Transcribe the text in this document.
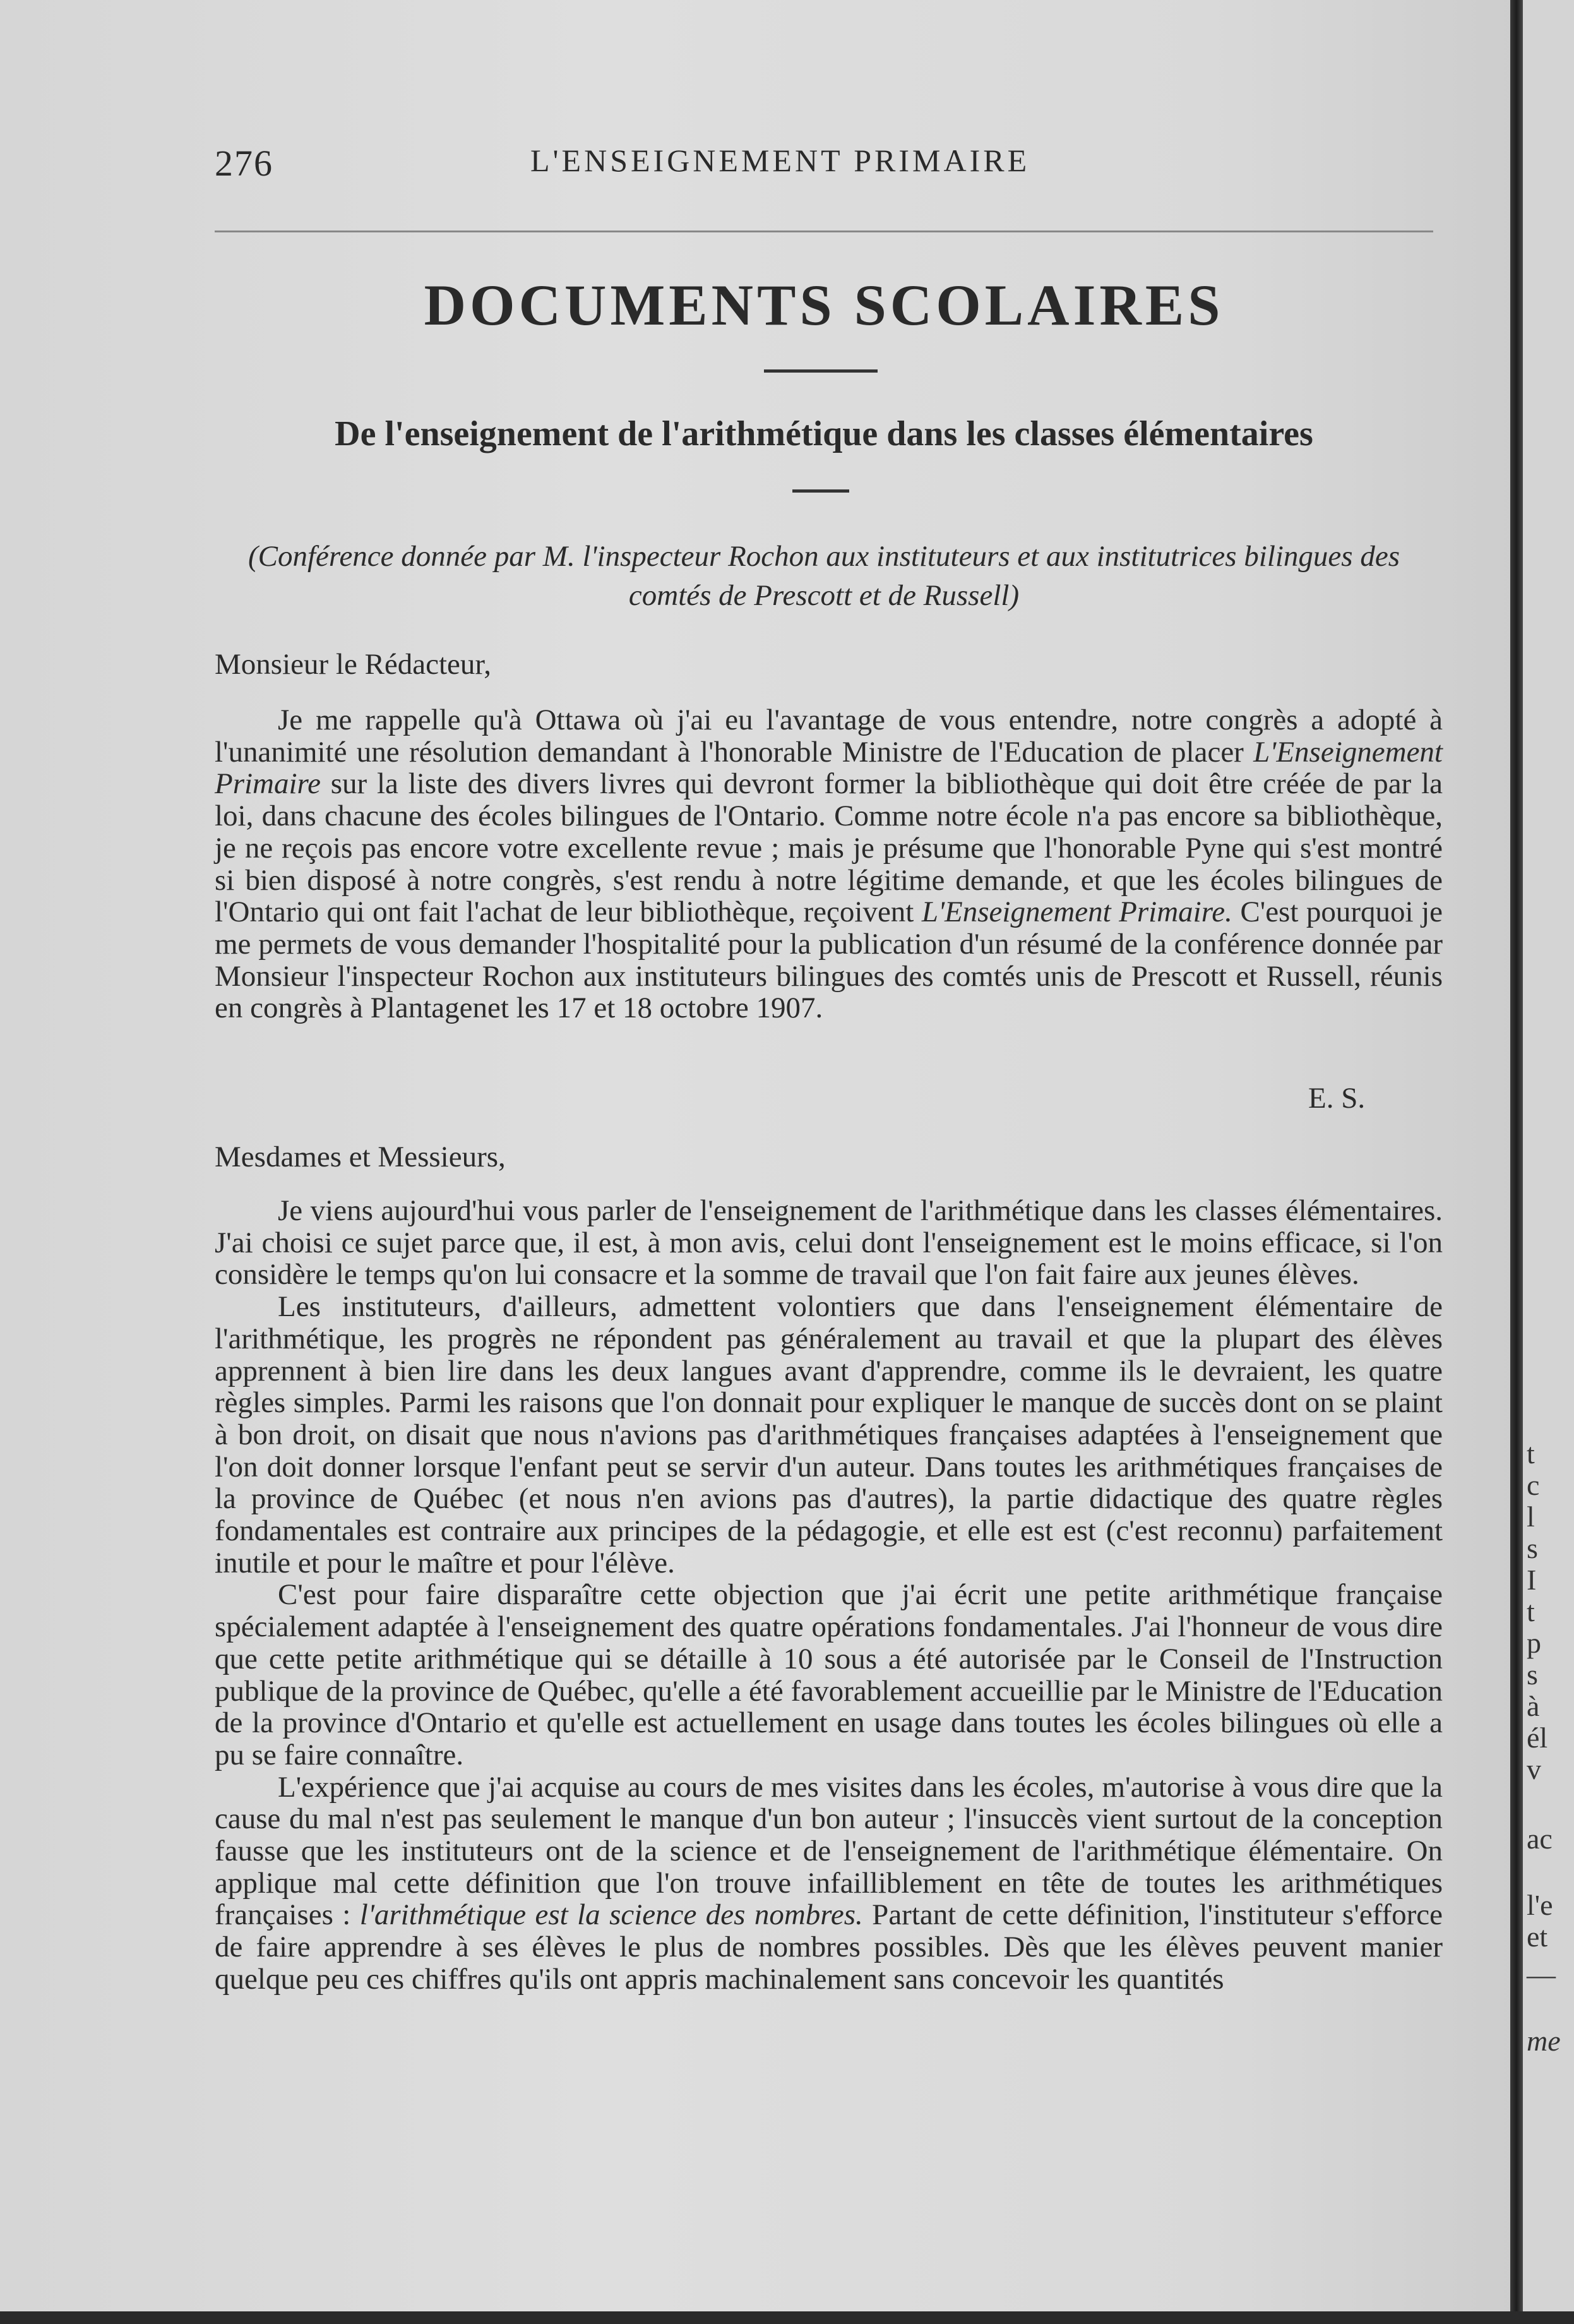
276	L'ENSEIGNEMENT PRIMAIRE
DOCUMENTS SCOLAIRES
De l'enseignement de l'arithmétique dans les classes élémentaires
(Conférence donnée par M. l'inspecteur Rochon aux instituteurs et aux institutrices bilingues des comtés de Prescott et de Russell)
Monsieur le Rédacteur,

Je me rappelle qu'à Ottawa où j'ai eu l'avantage de vous entendre, notre congrès a adopté à l'unanimité une résolution demandant à l'honorable Ministre de l'Education de placer L'Enseignement Primaire sur la liste des divers livres qui devront former la bibliothèque qui doit être créée de par la loi, dans chacune des écoles bilingues de l'Ontario. Comme notre école n'a pas encore sa bibliothèque, je ne reçois pas encore votre excellente revue ; mais je présume que l'honorable Pyne qui s'est montré si bien disposé à notre congrès, s'est rendu à notre légitime demande, et que les écoles bilingues de l'Ontario qui ont fait l'achat de leur bibliothèque, reçoivent L'Enseignement Primaire. C'est pourquoi je me permets de vous demander l'hospitalité pour la publication d'un résumé de la conférence donnée par Monsieur l'inspecteur Rochon aux instituteurs bilingues des comtés unis de Prescott et Russell, réunis en congrès à Plantagenet les 17 et 18 octobre 1907.

E. S.
Mesdames et Messieurs,

Je viens aujourd'hui vous parler de l'enseignement de l'arithmétique dans les classes élémentaires. J'ai choisi ce sujet parce que, il est, à mon avis, celui dont l'enseignement est le moins efficace, si l'on considère le temps qu'on lui consacre et la somme de travail que l'on fait faire aux jeunes élèves.

Les instituteurs, d'ailleurs, admettent volontiers que dans l'enseignement élémentaire de l'arithmétique, les progrès ne répondent pas généralement au travail et que la plupart des élèves apprennent à bien lire dans les deux langues avant d'apprendre, comme ils le devraient, les quatre règles simples. Parmi les raisons que l'on donnait pour expliquer le manque de succès dont on se plaint à bon droit, on disait que nous n'avions pas d'arithmétiques françaises adaptées à l'enseignement que l'on doit donner lorsque l'enfant peut se servir d'un auteur. Dans toutes les arithmétiques françaises de la province de Québec (et nous n'en avions pas d'autres), la partie didactique des quatre règles fondamentales est contraire aux principes de la pédagogie, et elle est est (c'est reconnu) parfaitement inutile et pour le maître et pour l'élève.

C'est pour faire disparaître cette objection que j'ai écrit une petite arithmétique française spécialement adaptée à l'enseignement des quatre opérations fondamentales. J'ai l'honneur de vous dire que cette petite arithmétique qui se détaille à 10 sous a été autorisée par le Conseil de l'Instruction publique de la province de Québec, qu'elle a été favorablement accueillie par le Ministre de l'Education de la province d'Ontario et qu'elle est actuellement en usage dans toutes les écoles bilingues où elle a pu se faire connaître.

L'expérience que j'ai acquise au cours de mes visites dans les écoles, m'autorise à vous dire que la cause du mal n'est pas seulement le manque d'un bon auteur ; l'insuccès vient surtout de la conception fausse que les instituteurs ont de la science et de l'enseignement de l'arithmétique élémentaire. On applique mal cette définition que l'on trouve infailliblement en tête de toutes les arithmétiques françaises : l'arithmétique est la science des nombres. Partant de cette définition, l'instituteur s'efforce de faire apprendre à ses élèves le plus de nombres possibles. Dès que les élèves peuvent manier quelque peu ces chiffres qu'ils ont appris machinalement sans concevoir les quantités

t
c
l
s
I
t
p
s
à
él
v
ac
l'e
et
—
me
